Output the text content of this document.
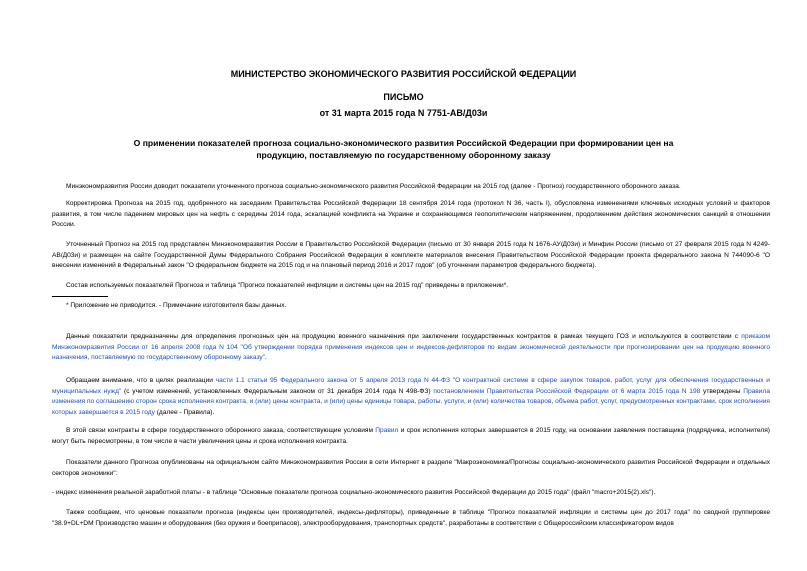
МИНИСТЕРСТВО ЭКОНОМИЧЕСКОГО РАЗВИТИЯ РОССИЙСКОЙ ФЕДЕРАЦИИ
ПИСЬМО
от 31 марта 2015 года N 7751-АВ/Д03и
О применении показателей прогноза социально-экономического развития Российской Федерации при формировании цен на продукцию, поставляемую по государственному оборонному заказу

Минэкономразвития России доводит показатели уточненного прогноза социально-экономического развития Российской Федерации на 2015 год (далее - Прогноз) государственного оборонного заказа.

Корректировка Прогноза на 2015 год, одобренного на заседании Правительства Российской Федерации 18 сентября 2014 года (протокол N 36, часть I), обусловлена изменениями ключевых исходных условий и факторов развития, в том числе падением мировых цен на нефть с середины 2014 года, эскалацией конфликта на Украине и сохраняющимся геополитическим напряжением, продолжением действия экономических санкций в отношении России.

Уточненный Прогноз на 2015 год представлен Минэкономразвития России в Правительство Российской Федерации (письмо от 30 января 2015 года N 1676-АУ/Д03и) и Минфин России (письмо от 27 февраля 2015 года N 4249-АВ/Д03и) и размещен на сайте Государственной Думы Федерального Собрания Российской Федерации в комплекте материалов внесения Правительством Российской Федерации проекта федерального закона N 744090-6 "О внесении изменений в Федеральный закон "О федеральном бюджете на 2015 год и на плановый период 2016 и 2017 годов" (об уточнении параметров федерального бюджета).

Состав используемых показателей Прогноза и таблица "Прогноз показателей инфляции и системы цен на 2015 год" приведены в приложении*.

* Приложение не приводится. - Примечание изготовителя базы данных.

Данные показатели предназначены для определения прогнозных цен на продукцию военного назначения при заключении государственных контрактов в рамках текущего ГОЗ и используются в соответствии с приказом Минэкономразвития России от 16 апреля 2008 года N 104 "Об утверждении порядка применения индексов цен и индексов-дефляторов по видам экономической деятельности при прогнозировании цен на продукцию военного назначения, поставляемую по государственному оборонному заказу".

Обращаем внимание, что в целях реализации части 1.1 статьи 95 Федерального закона от 5 апреля 2013 года N 44-ФЗ "О контрактной системе в сфере закупок товаров, работ, услуг для обеспечения государственных и муниципальных нужд" (с учетом изменений, установленных Федеральным законом от 31 декабря 2014 года N 498-ФЗ) постановлением Правительства Российской Федерации от 6 марта 2015 года N 198 утверждены Правила изменения по соглашению сторон срока исполнения контракта, и (или) цены контракта, и (или) цены единицы товара, работы, услуги, и (или) количества товаров, объема работ, услуг, предусмотренных контрактами, срок исполнения которых завершается в 2015 году (далее - Правила).

В этой связи контракты в сфере государственного оборонного заказа, соответствующие условиям Правил и срок исполнения которых завершается в 2015 году, на основании заявления поставщика (подрядчика, исполнителя) могут быть пересмотрены, в том числе в части увеличения цены и срока исполнения контракта.

Показатели данного Прогноза опубликованы на официальном сайте Минэкономразвития России в сети Интернет в разделе "Макроэкономика/Прогнозы социально-экономического развития Российской Федерации и отдельных секторов экономики":

- индекс изменения реальной заработной платы - в таблице "Основные показатели прогноза социально-экономического развития Российской Федерации до 2015 года" (файл "macro+2015(2).xls").

Также сообщаем, что ценовые показатели прогноза (индексы цен производителей, индексы-дефляторы), приведенные в таблице "Прогноз показателей инфляции и системы цен до 2017 года" по сводной группировке "38.9+DL+DM Производство машин и оборудования (без оружия и боеприпасов), электрооборудования, транспортных средств", разработаны в соответствии с Общероссийским классификатором видов
